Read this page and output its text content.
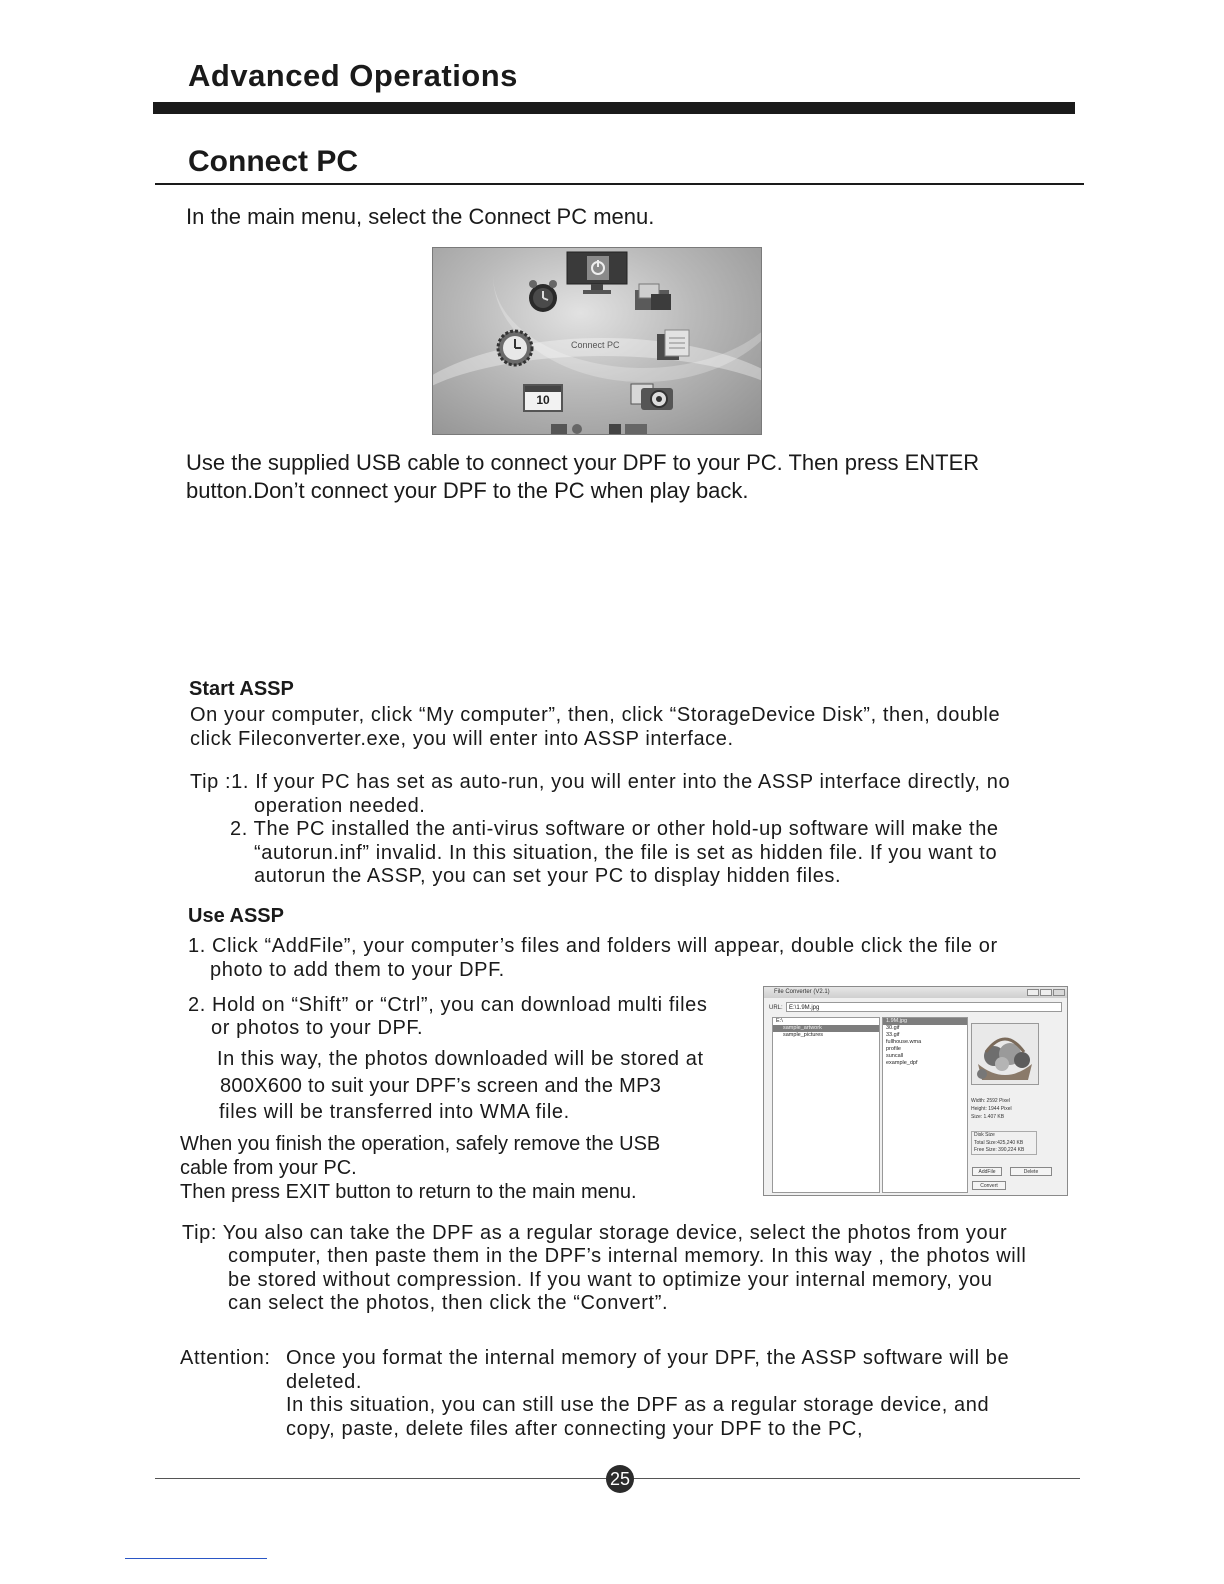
Advanced Operations
Connect PC
In the main menu, select the Connect PC menu.
Connect PC
10
Use the supplied USB cable to connect your DPF to your PC. Then press ENTER
button.Don’t connect your DPF to the PC when play back.
Start ASSP
On your computer, click “My computer”, then, click “StorageDevice Disk”, then, double
click Fileconverter.exe, you will enter into ASSP interface.
Tip :1. If your PC has set as auto-run, you will enter into the ASSP interface directly, no
operation needed.
2. The PC installed the anti-virus software or other hold-up software will make the
“autorun.inf” invalid. In this situation, the file is set as hidden file. If you want to
autorun the ASSP, you can set your PC to display hidden files.
Use ASSP
1. Click “AddFile”, your computer’s files and folders will appear, double click the file or
photo to add them to your DPF.
2. Hold on “Shift” or “Ctrl”, you can download multi files
or photos to your DPF.
In this way, the photos downloaded will be stored at
800X600 to suit your DPF’s screen and the MP3
files will be transferred into WMA file.
When you finish the operation, safely remove the USB
cable from your PC.
Then press EXIT button to return to the main menu.
File Converter (V2.1)
URL:	E:\1.9M.jpg
E:\
sample_artwork
sample_pictures
1.9M.jpg
30.gif
33.gif
fullhouse.wma
profile
suncall
example_dpf
Width: 2592 Pixel
Height: 1944 Pixel
Size: 1.407 KB
Disk Size
Total Size:425,240 KB
Free Size: 390,224 KB
AddFile	Delete
Convert
Tip: You also can take the DPF as a regular storage device, select the photos from your
computer, then paste them in the DPF’s internal memory. In this way , the photos will
be stored without compression. If you want to optimize your internal memory, you
can select the photos, then click the “Convert”.
Attention: Once you format the internal memory of your DPF, the ASSP software will be
deleted.
In this situation, you can still use the DPF as a regular storage device, and
copy, paste, delete files after connecting your DPF to the PC,
25
